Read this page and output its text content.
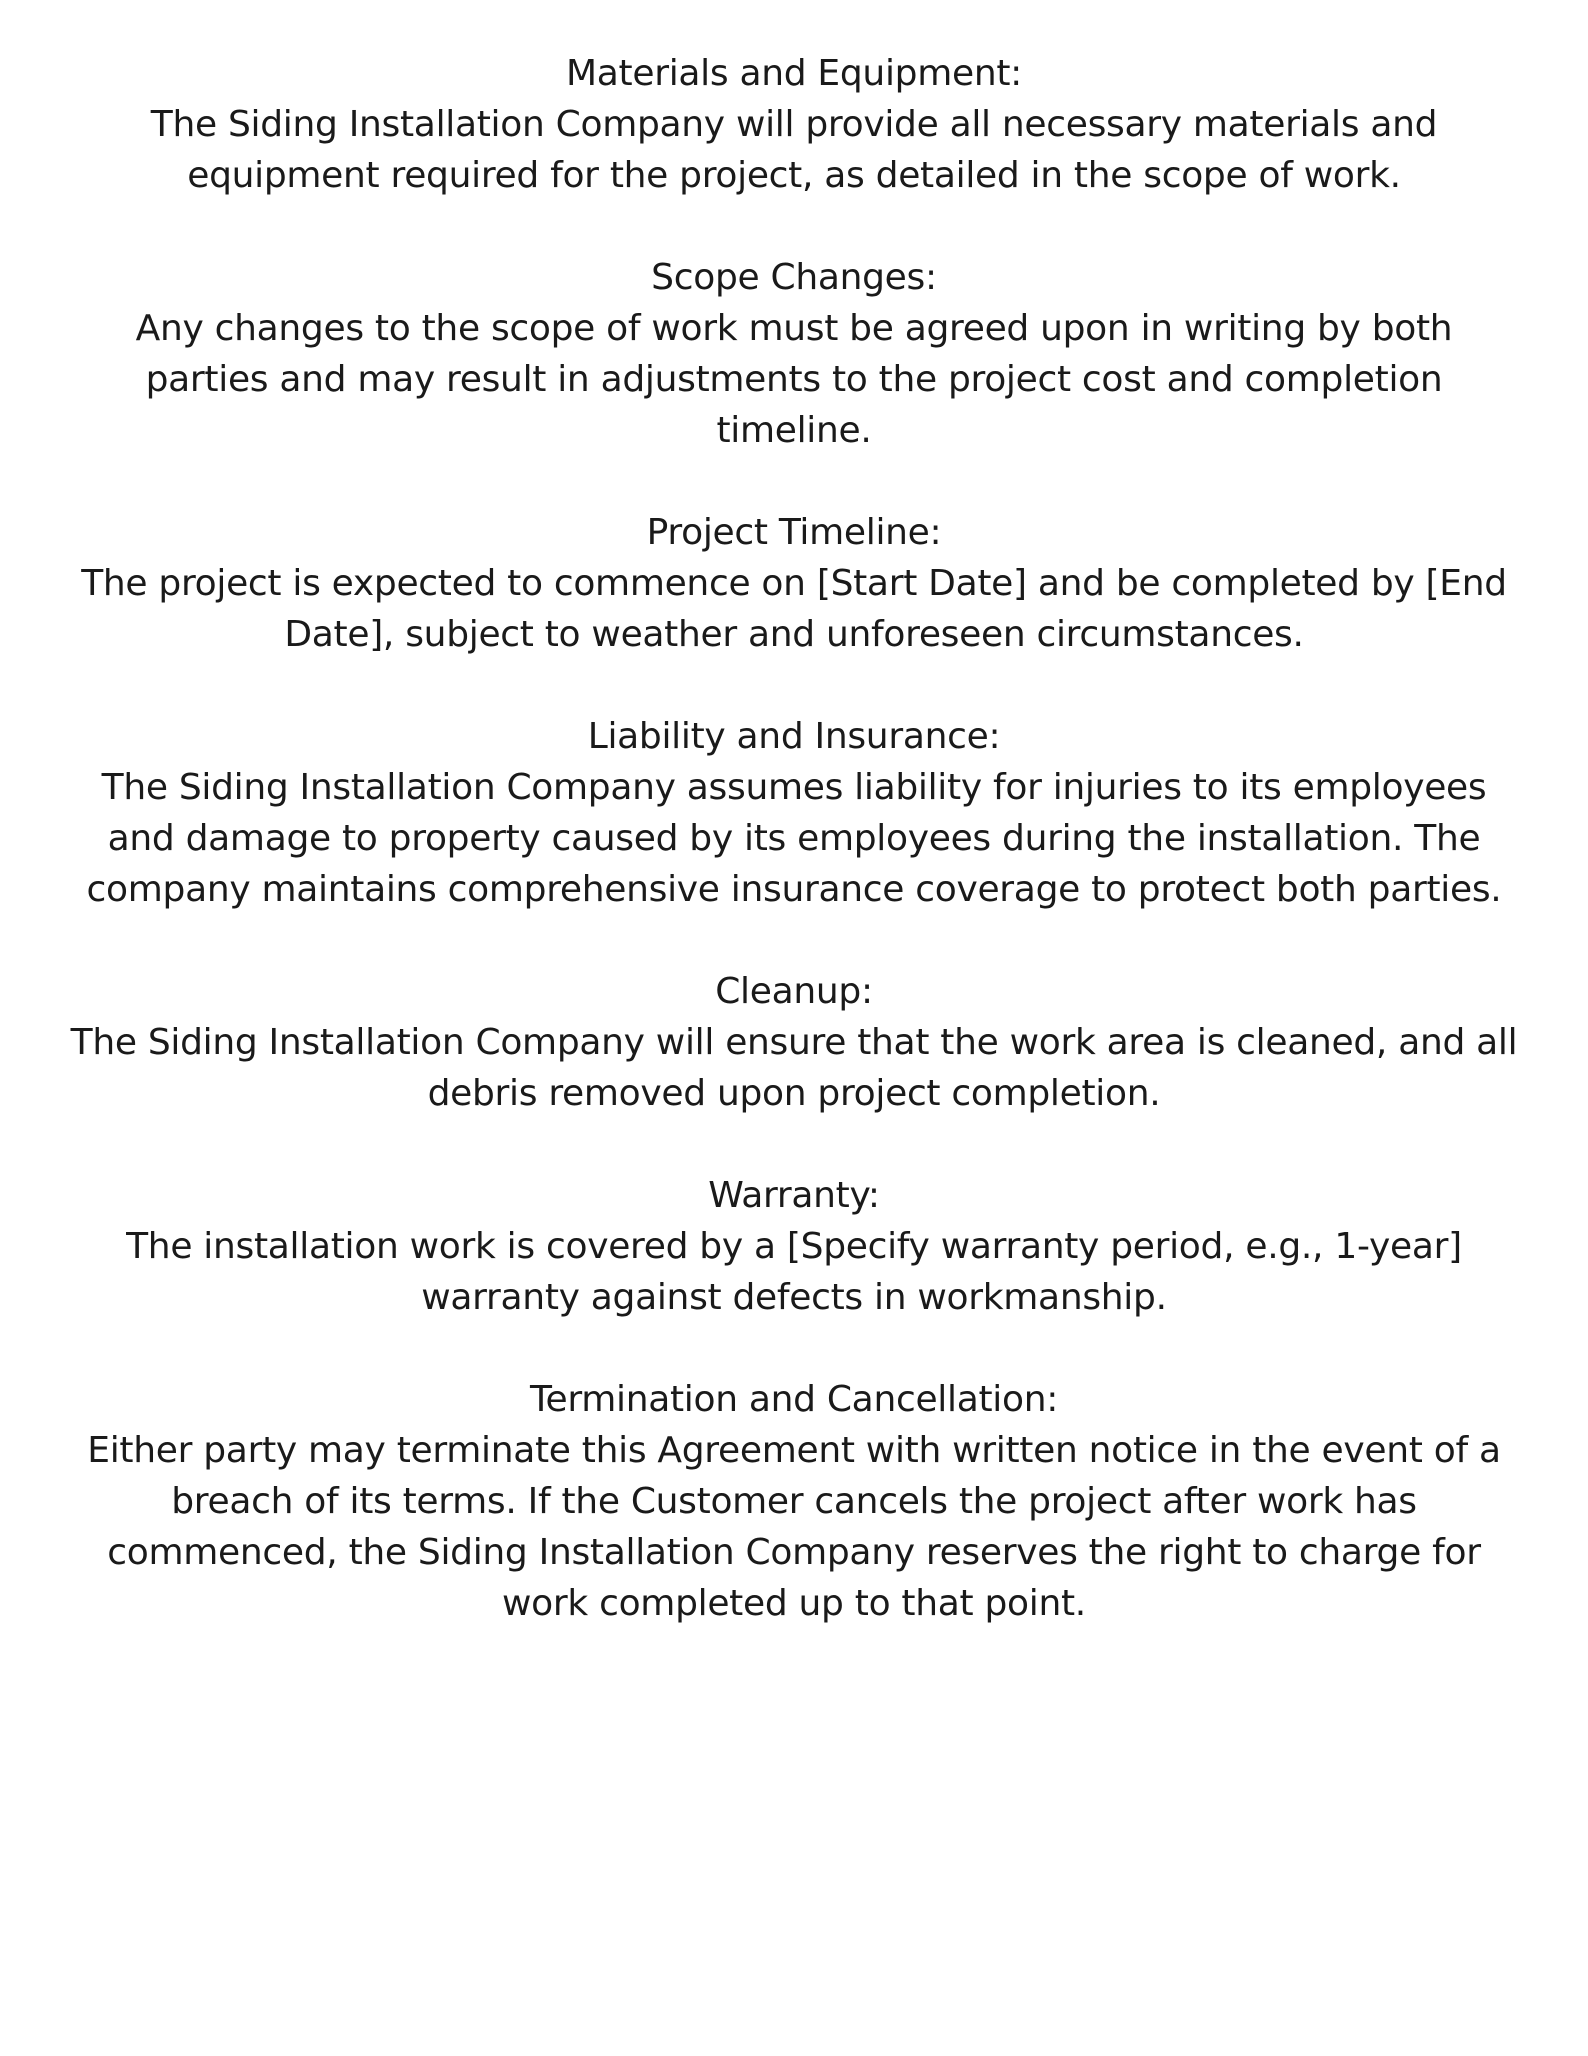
Materials and Equipment:
The Siding Installation Company will provide all necessary materials and equipment required for the project, as detailed in the scope of work.
Scope Changes:
Any changes to the scope of work must be agreed upon in writing by both parties and may result in adjustments to the project cost and completion timeline.
Project Timeline:
The project is expected to commence on [Start Date] and be completed by [End Date], subject to weather and unforeseen circumstances.
Liability and Insurance:
The Siding Installation Company assumes liability for injuries to its employees and damage to property caused by its employees during the installation. The company maintains comprehensive insurance coverage to protect both parties.
Cleanup:
The Siding Installation Company will ensure that the work area is cleaned, and all debris removed upon project completion.
Warranty:
The installation work is covered by a [Specify warranty period, e.g., 1-year] warranty against defects in workmanship.
Termination and Cancellation:
Either party may terminate this Agreement with written notice in the event of a breach of its terms. If the Customer cancels the project after work has commenced, the Siding Installation Company reserves the right to charge for work completed up to that point.
